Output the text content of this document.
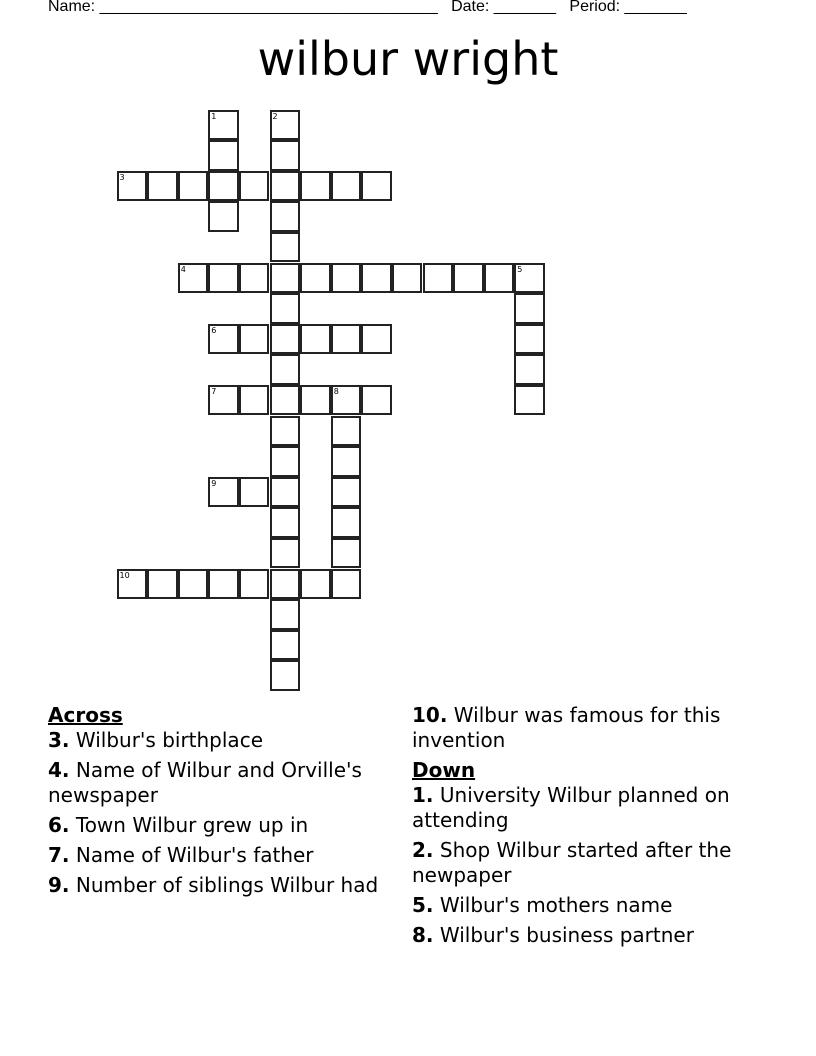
Name: ______________________________________ Date: _______ Period: _______
wilbur wright
1	2
3
4	5
6
7	8
9
10
Across
3. Wilbur's birthplace
4. Name of Wilbur and Orville's newspaper
6. Town Wilbur grew up in
7. Name of Wilbur's father
9. Number of siblings Wilbur had
10. Wilbur was famous for this invention
Down
1. University Wilbur planned on attending
2. Shop Wilbur started after the newpaper
5. Wilbur's mothers name
8. Wilbur's business partner
